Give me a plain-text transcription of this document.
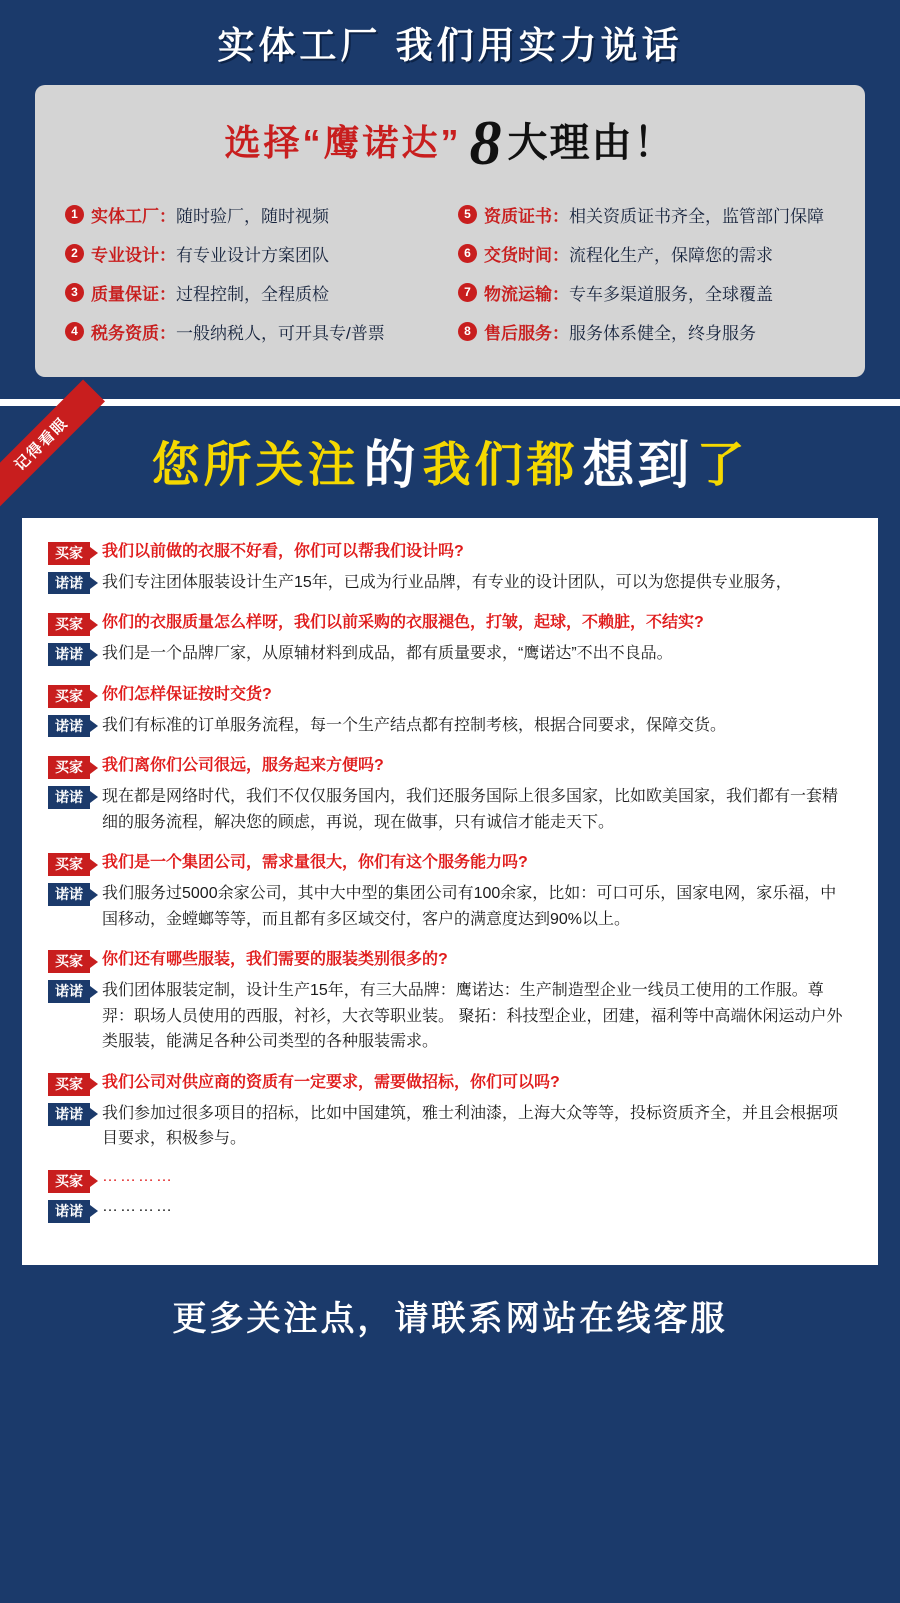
实体工厂 我们用实力说话
选择“鹰诺达” 8 大理由！
1 实体工厂：随时验厂，随时视频	5 资质证书：相关资质证书齐全，监管部门保障
2 专业设计：有专业设计方案团队	6 交货时间：流程化生产，保障您的需求
3 质量保证：过程控制，全程质检	7 物流运输：专车多渠道服务，全球覆盖
4 税务资质：一般纳税人，可开具专/普票	8 售后服务：服务体系健全，终身服务
记得看眼	您所关注的我们都想到了
买家	我们以前做的衣服不好看，你们可以帮我们设计吗?
诺诺	我们专注团体服装设计生产15年，已成为行业品牌，有专业的设计团队，可以为您提供专业服务，
买家	你们的衣服质量怎么样呀，我们以前采购的衣服褪色，打皱，起球，不赖脏，不结实?
诺诺	我们是一个品牌厂家，从原辅材料到成品，都有质量要求，“鹰诺达”不出不良品。
买家	你们怎样保证按时交货?
诺诺	我们有标准的订单服务流程，每一个生产结点都有控制考核，根据合同要求，保障交货。
买家	我们离你们公司很远，服务起来方便吗?
诺诺	现在都是网络时代，我们不仅仅服务国内，我们还服务国际上很多国家，比如欧美国家，我们都有一套精细的服务流程，解决您的顾虑，再说，现在做事，只有诚信才能走天下。
买家	我们是一个集团公司，需求量很大，你们有这个服务能力吗?
诺诺	我们服务过5000余家公司，其中大中型的集团公司有100余家，比如：可口可乐，国家电网，家乐福，中国移动，金螳螂等等，而且都有多区域交付，客户的满意度达到90%以上。
买家	你们还有哪些服装，我们需要的服装类别很多的?
诺诺	我们团体服装定制，设计生产15年，有三大品牌：鹰诺达：生产制造型企业一线员工使用的工作服。尊羿：职场人员使用的西服，衬衫，大衣等职业装。 聚拓：科技型企业，团建，福利等中高端休闲运动户外类服装，能满足各种公司类型的各种服装需求。
买家	我们公司对供应商的资质有一定要求，需要做招标，你们可以吗?
诺诺	我们参加过很多项目的招标，比如中国建筑，雅士利油漆，上海大众等等，投标资质齐全，并且会根据项目要求，积极参与。
买家	…………
诺诺	…………
更多关注点，请联系网站在线客服
